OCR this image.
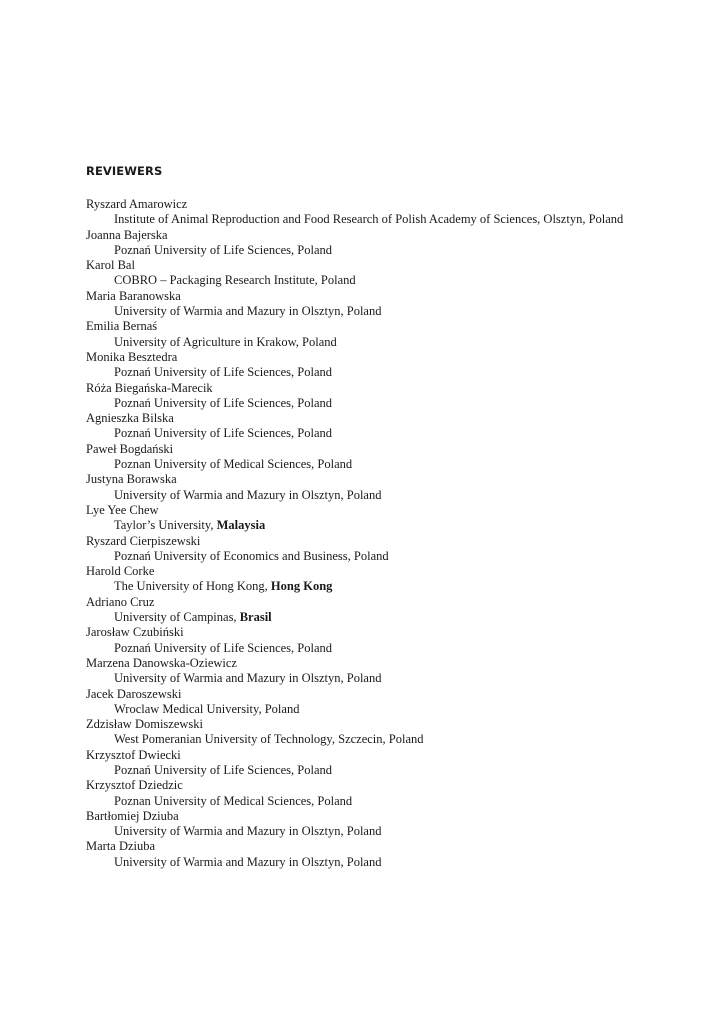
REVIEWERS
Ryszard Amarowicz
Institute of Animal Reproduction and Food Research of Polish Academy of Sciences, Olsztyn, Poland
Joanna Bajerska
Poznań University of Life Sciences, Poland
Karol Bal
COBRO – Packaging Research Institute, Poland
Maria Baranowska
University of Warmia and Mazury in Olsztyn, Poland
Emilia Bernaś
University of Agriculture in Krakow, Poland
Monika Besztedra
Poznań University of Life Sciences, Poland
Róża Biegańska-Marecik
Poznań University of Life Sciences, Poland
Agnieszka Bilska
Poznań University of Life Sciences, Poland
Paweł Bogdański
Poznan University of Medical Sciences, Poland
Justyna Borawska
University of Warmia and Mazury in Olsztyn, Poland
Lye Yee Chew
Taylor’s University, Malaysia
Ryszard Cierpiszewski
Poznań University of Economics and Business, Poland
Harold Corke
The University of Hong Kong, Hong Kong
Adriano Cruz
University of Campinas, Brasil
Jarosław Czubiński
Poznań University of Life Sciences, Poland
Marzena Danowska-Oziewicz
University of Warmia and Mazury in Olsztyn, Poland
Jacek Daroszewski
Wroclaw Medical University, Poland
Zdzisław Domiszewski
West Pomeranian University of Technology, Szczecin, Poland
Krzysztof Dwiecki
Poznań University of Life Sciences, Poland
Krzysztof Dziedzic
Poznan University of Medical Sciences, Poland
Bartłomiej Dziuba
University of Warmia and Mazury in Olsztyn, Poland
Marta Dziuba
University of Warmia and Mazury in Olsztyn, Poland
